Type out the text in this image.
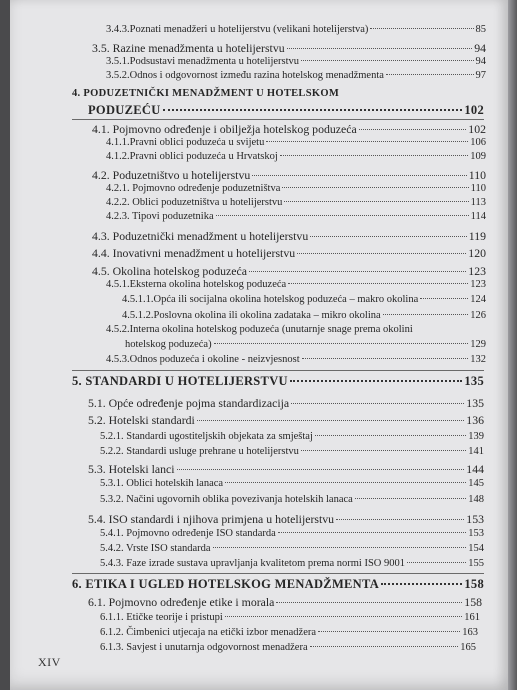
3.4.3.Poznati menadžeri u hotelijerstvu (velikani hotelijerstva)	85
3.5. Razine menadžmenta u hotelijerstvu	94
3.5.1.Podsustavi menadžmenta u hotelijerstvu	94
3.5.2.Odnos i odgovornost između razina hotelskog menadžmenta	97
4. PODUZETNIČKI MENADŽMENT U HOTELSKOM
PODUZEĆU	102
4.1. Pojmovno određenje i obilježja hotelskog poduzeća	102
4.1.1.Pravni oblici poduzeća u svijetu	106
4.1.2.Pravni oblici poduzeća u Hrvatskoj	109
4.2. Poduzetništvo u hotelijerstvu	110
4.2.1. Pojmovno određenje poduzetništva	110
4.2.2. Oblici poduzetništva u hotelijerstvu	113
4.2.3. Tipovi poduzetnika	114
4.3. Poduzetnički menadžment u hotelijerstvu	119
4.4. Inovativni menadžment u hotelijerstvu	120
4.5. Okolina hotelskog poduzeća	123
4.5.1.Eksterna okolina hotelskog poduzeća	123
4.5.1.1.Opća ili socijalna okolina hotelskog poduzeća – makro okolina	124
4.5.1.2.Poslovna okolina ili okolina zadataka – mikro okolina	126
4.5.2.Interna okolina hotelskog poduzeća (unutarnje snage prema okolini
hotelskog poduzeća)	129
4.5.3.Odnos poduzeća i okoline - neizvjesnost	132
5. STANDARDI U HOTELIJERSTVU	135
5.1. Opće određenje pojma standardizacija	135
5.2. Hotelski standardi	136
5.2.1. Standardi ugostiteljskih objekata za smještaj	139
5.2.2. Standardi usluge prehrane u hotelijerstvu	141
5.3. Hotelski lanci	144
5.3.1. Oblici hotelskih lanaca	145
5.3.2. Načini ugovornih oblika povezivanja hotelskih lanaca	148
5.4. ISO standardi i njihova primjena u hotelijerstvu	153
5.4.1. Pojmovno određenje ISO standarda	153
5.4.2. Vrste ISO standarda	154
5.4.3. Faze izrade sustava upravljanja kvalitetom prema normi ISO 9001	155
6. ETIKA I UGLED HOTELSKOG MENADŽMENTA	158
6.1. Pojmovno određenje etike i morala	158
6.1.1. Etičke teorije i pristupi	161
6.1.2. Čimbenici utjecaja na etički izbor menadžera	163
6.1.3. Savjest i unutarnja odgovornost menadžera	165
XIV
